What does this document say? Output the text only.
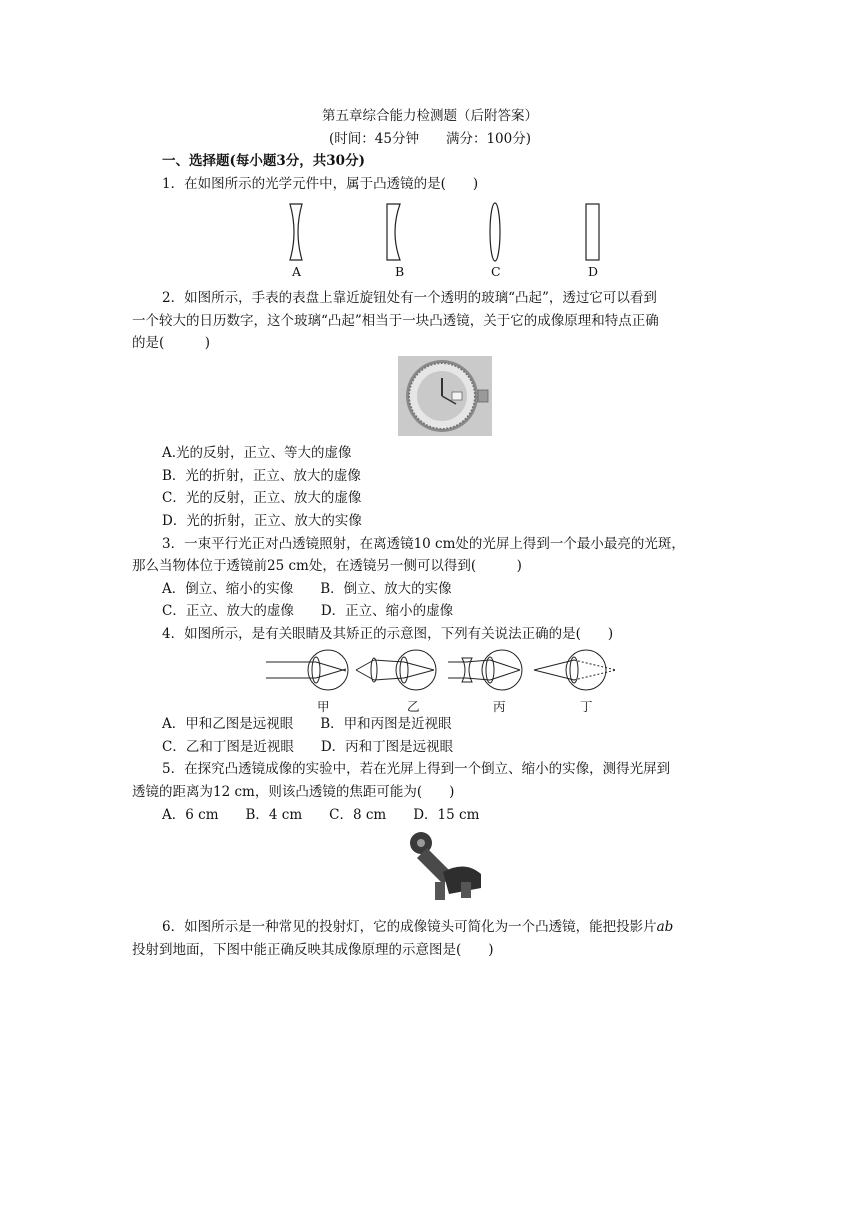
第五章综合能力检测题（后附答案）
(时间：45分钟　　满分：100分)
一、选择题(每小题3分，共30分)
1．在如图所示的光学元件中，属于凸透镜的是(　　)
A	B	C	D
2．如图所示，手表的表盘上靠近旋钮处有一个透明的玻璃“凸起”，透过它可以看到
一个较大的日历数字，这个玻璃“凸起”相当于一块凸透镜，关于它的成像原理和特点正确
的是(　　　)
A.光的反射，正立、等大的虚像
B．光的折射，正立、放大的虚像
C．光的反射，正立、放大的虚像
D．光的折射，正立、放大的实像
3．一束平行光正对凸透镜照射，在离透镜10 cm处的光屏上得到一个最小最亮的光斑，
那么当物体位于透镜前25 cm处，在透镜另一侧可以得到(　　　)
A．倒立、缩小的实像　　B．倒立、放大的实像
C．正立、放大的虚像　　D．正立、缩小的虚像
4．如图所示，是有关眼睛及其矫正的示意图，下列有关说法正确的是(　　)
甲	乙	丙	丁
A．甲和乙图是远视眼　　B．甲和丙图是近视眼
C．乙和丁图是近视眼　　D．丙和丁图是远视眼
5．在探究凸透镜成像的实验中，若在光屏上得到一个倒立、缩小的实像，测得光屏到
透镜的距离为12 cm，则该凸透镜的焦距可能为(　　)
A．6 cm　　B．4 cm　　C．8 cm　　D．15 cm
6．如图所示是一种常见的投射灯，它的成像镜头可简化为一个凸透镜，能把投影片ab
投射到地面，下图中能正确反映其成像原理的示意图是(　　)
